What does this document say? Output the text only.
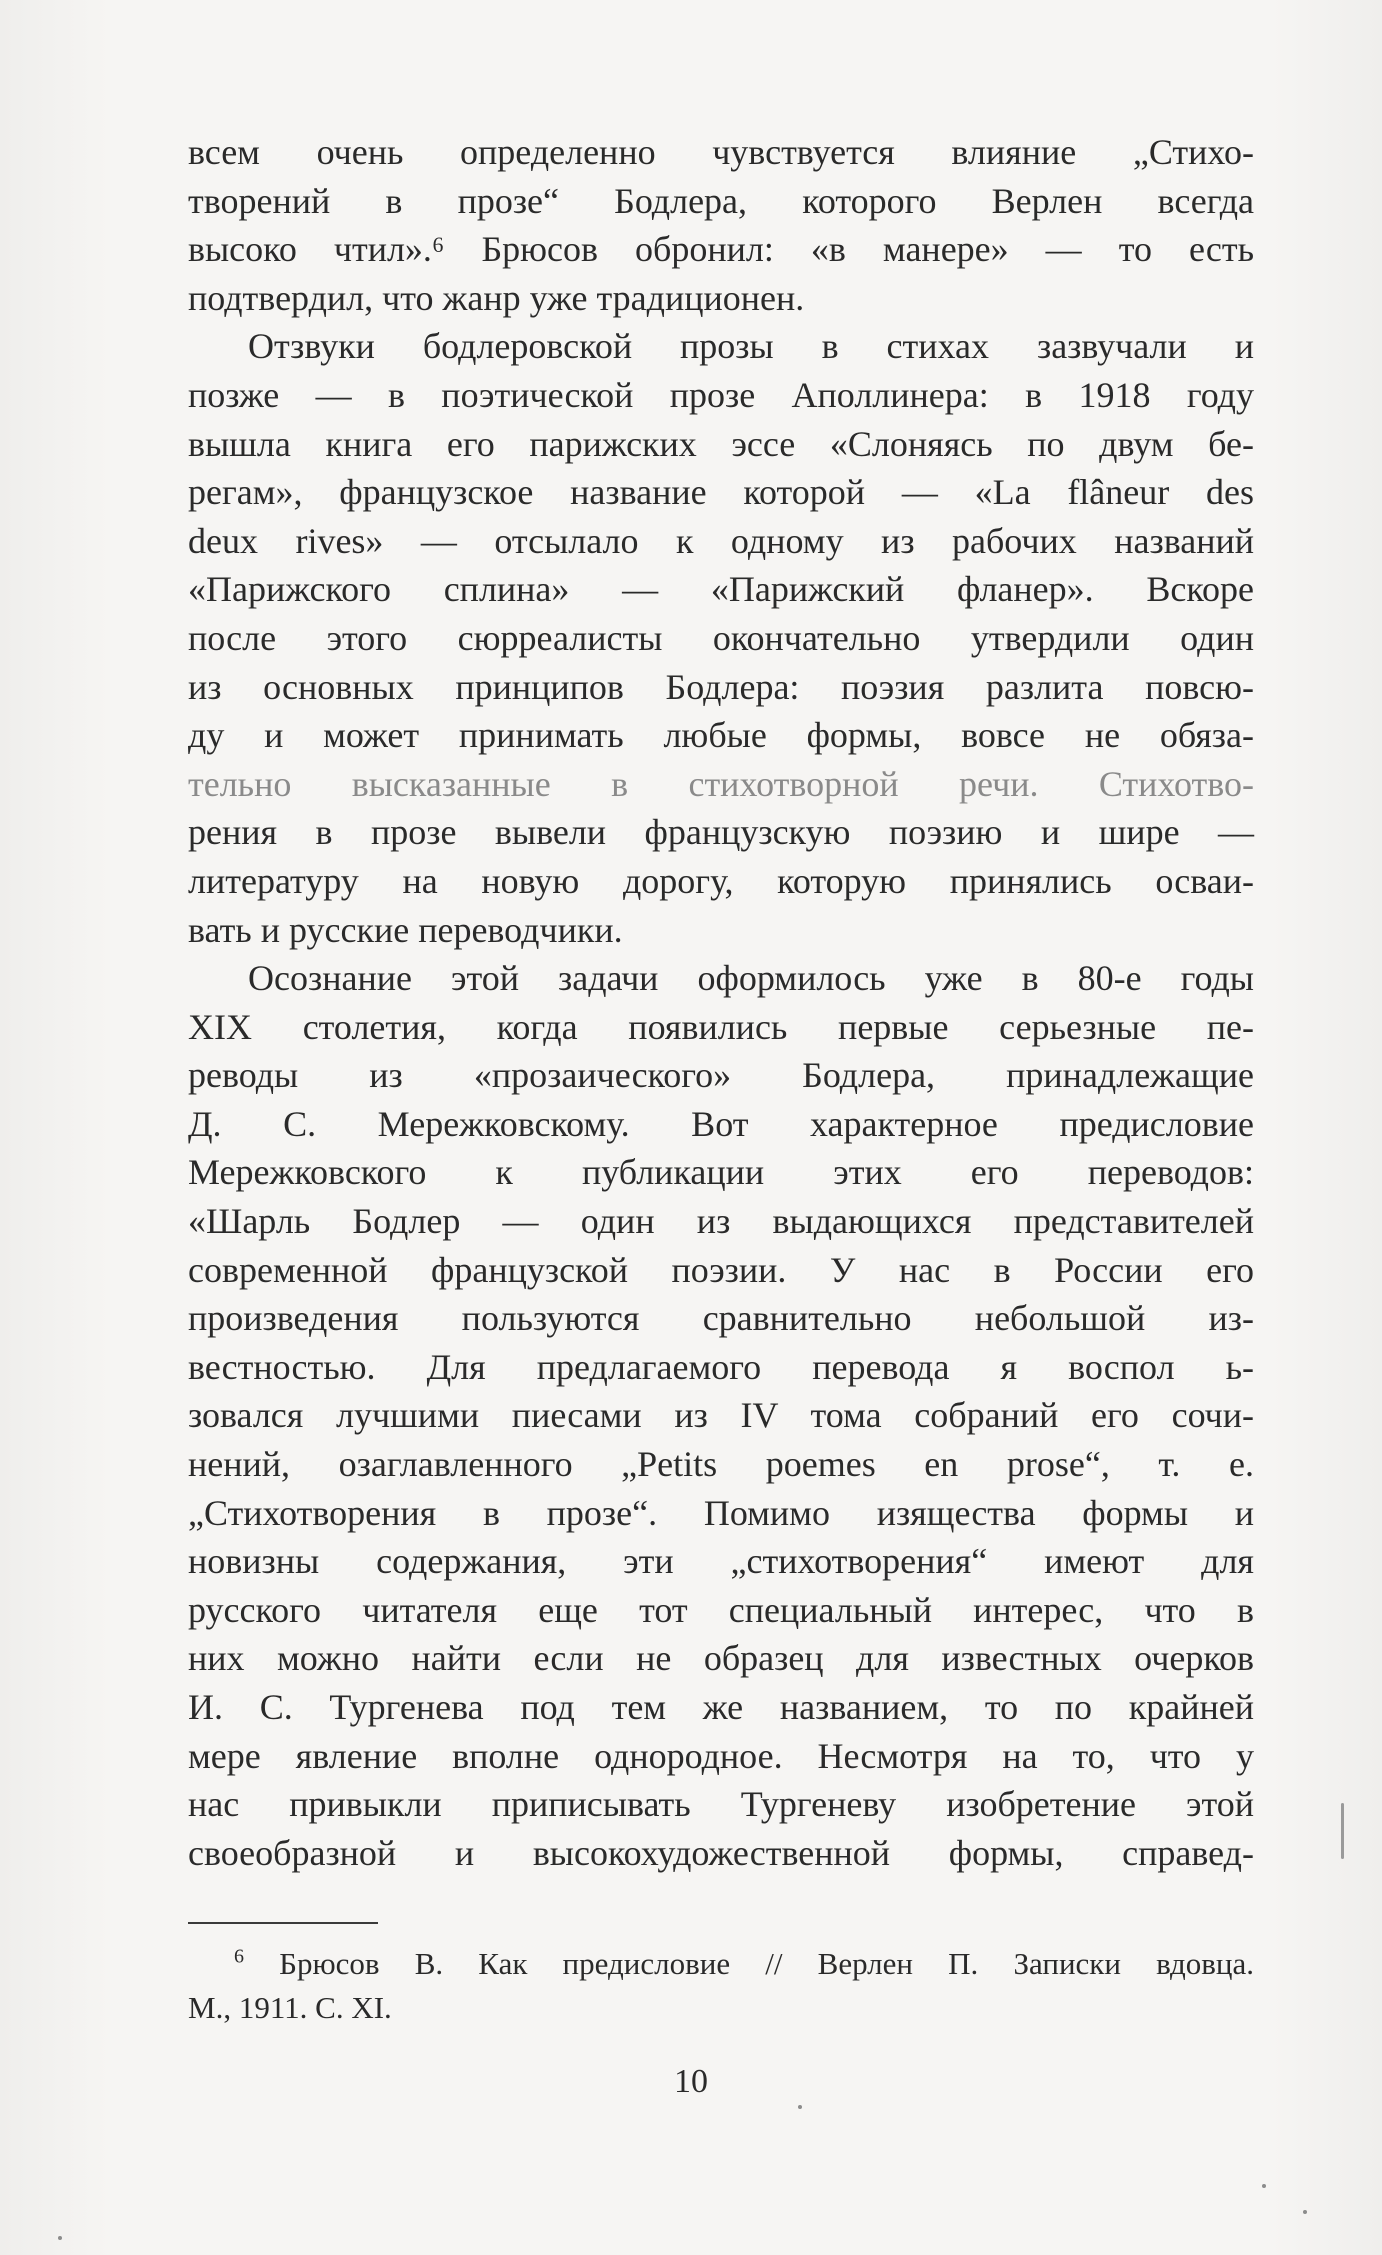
всем очень определенно чувствуется влияние „Стихо-
творений в прозе“ Бодлера, которого Верлен всегда
высоко чтил».⁶ Брюсов обронил: «в манере» — то есть
подтвердил, что жанр уже традиционен.
Отзвуки бодлеровской прозы в стихах зазвучали и
позже — в поэтической прозе Аполлинера: в 1918 году
вышла книга его парижских эссе «Слоняясь по двум бе-
регам», французское название которой — «La flâneur des
deux rives» — отсылало к одному из рабочих названий
«Парижского сплина» — «Парижский фланер». Вскоре
после этого сюрреалисты окончательно утвердили один
из основных принципов Бодлера: поэзия разлита повсю-
ду и может принимать любые формы, вовсе не обяза-
тельно высказанные в стихотворной речи. Стихотво-
рения в прозе вывели французскую поэзию и шире —
литературу на новую дорогу, которую принялись осваи-
вать и русские переводчики.
Осознание этой задачи оформилось уже в 80-е годы
XIX столетия, когда появились первые серьезные пе-
реводы из «прозаического» Бодлера, принадлежащие
Д. С. Мережковскому. Вот характерное предисловие
Мережковского к публикации этих его переводов:
«Шарль Бодлер — один из выдающихся представителей
современной французской поэзии. У нас в России его
произведения пользуются сравнительно небольшой из-
вестностью. Для предлагаемого перевода я воспол ь-
зовался лучшими пиесами из IV тома собраний его сочи-
нений, озаглавленного „Petits poemes en prose“, т. е.
„Стихотворения в прозе“. Помимо изящества формы и
новизны содержания, эти „стихотворения“ имеют для
русского читателя еще тот специальный интерес, что в
них можно найти если не образец для известных очерков
И. С. Тургенева под тем же названием, то по крайней
мере явление вполне однородное. Несмотря на то, что у
нас привыкли приписывать Тургеневу изобретение этой
своеобразной и высокохудожественной формы, справед-
$^6$ Брюсов В. Как предисловие // Верлен П. Записки вдовца.
М., 1911. С. XI.
10
